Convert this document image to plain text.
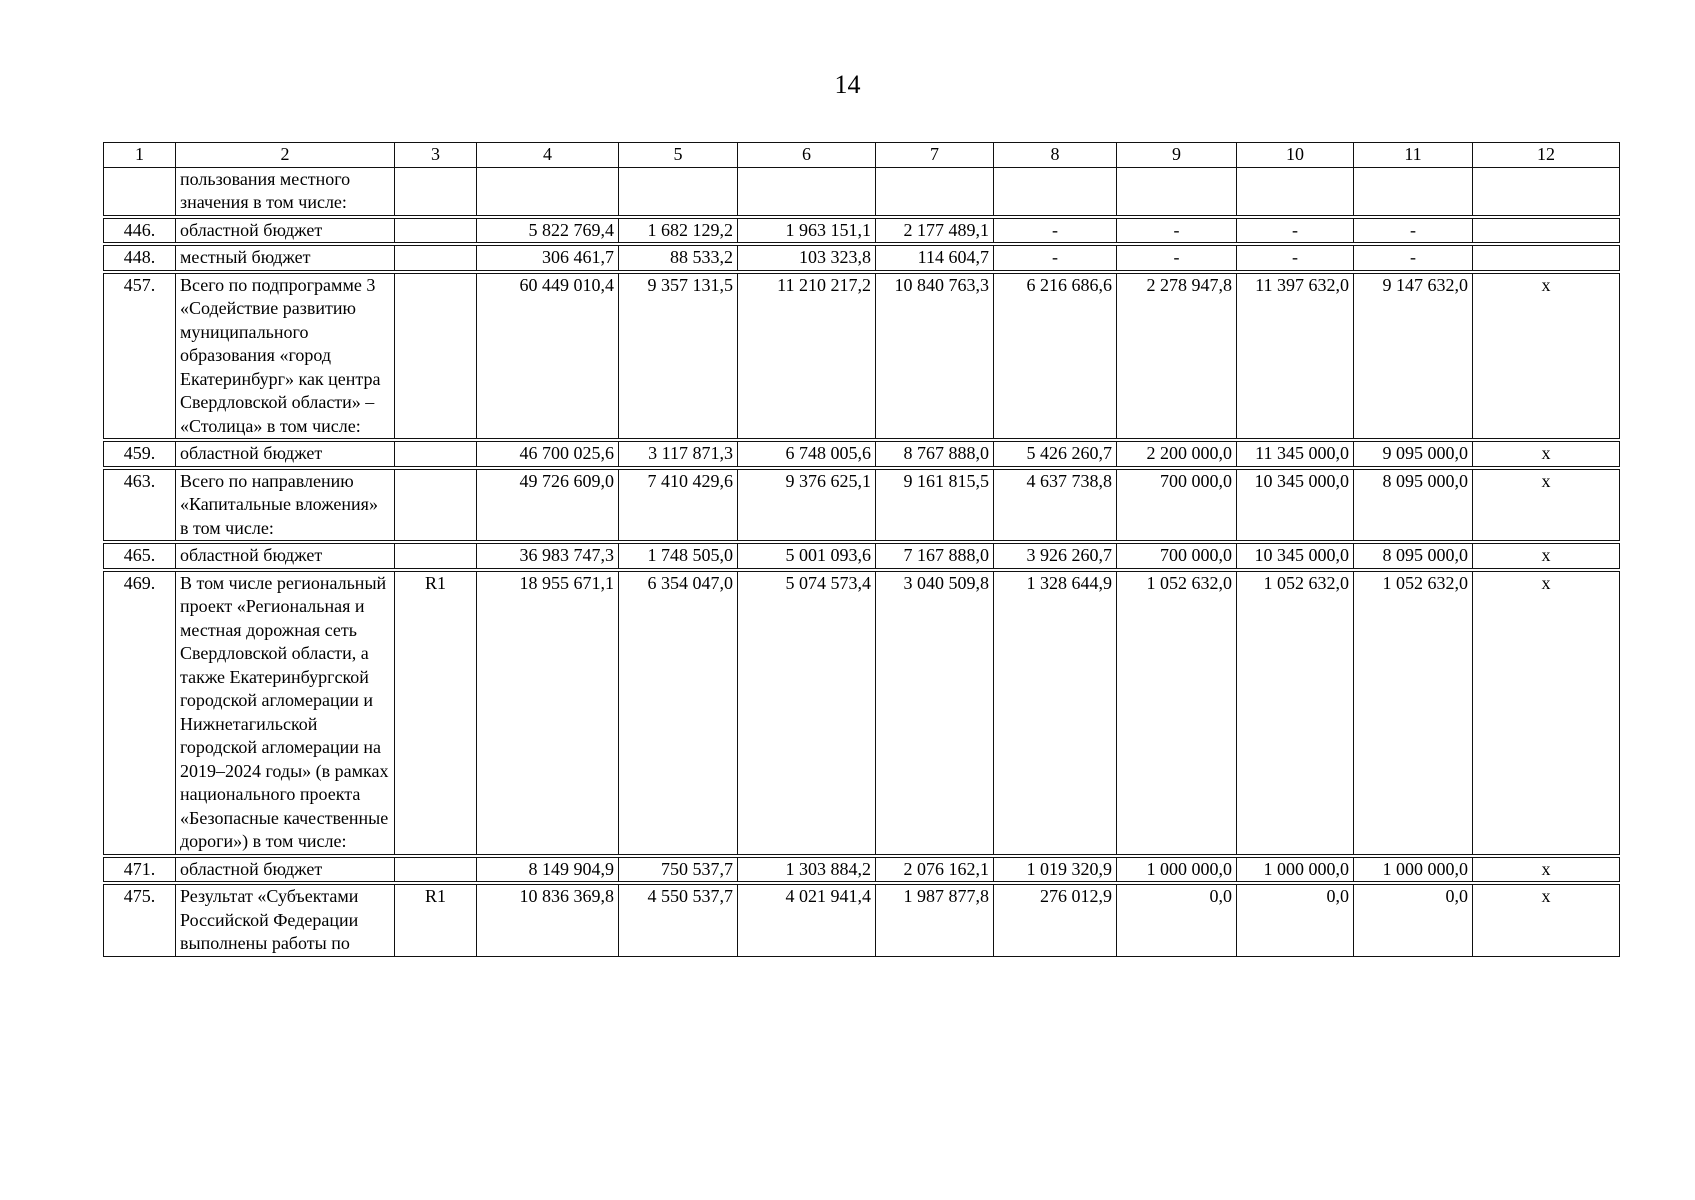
14
1	2	3	4	5	6	7	8	9	10	11	12
	пользования местного значения в том числе:										
446.	областной бюджет		5 822 769,4	1 682 129,2	1 963 151,1	2 177 489,1	-	-	-	-	
448.	местный бюджет		306 461,7	88 533,2	103 323,8	114 604,7	-	-	-	-	
457.	Всего по подпрограмме 3 «Содействие развитию муниципального образования «город Екатеринбург» как центра Свердловской области» – «Столица» в том числе:		60 449 010,4	9 357 131,5	11 210 217,2	10 840 763,3	6 216 686,6	2 278 947,8	11 397 632,0	9 147 632,0	x
459.	областной бюджет		46 700 025,6	3 117 871,3	6 748 005,6	8 767 888,0	5 426 260,7	2 200 000,0	11 345 000,0	9 095 000,0	x
463.	Всего по направлению «Капитальные вложения» в том числе:		49 726 609,0	7 410 429,6	9 376 625,1	9 161 815,5	4 637 738,8	700 000,0	10 345 000,0	8 095 000,0	x
465.	областной бюджет		36 983 747,3	1 748 505,0	5 001 093,6	7 167 888,0	3 926 260,7	700 000,0	10 345 000,0	8 095 000,0	x
469.	В том числе региональный проект «Региональная и местная дорожная сеть Свердловской области, а также Екатеринбургской городской агломерации и Нижнетагильской городской агломерации на 2019–2024 годы» (в рамках национального проекта «Безопасные качественные дороги») в том числе:	R1	18 955 671,1	6 354 047,0	5 074 573,4	3 040 509,8	1 328 644,9	1 052 632,0	1 052 632,0	1 052 632,0	x
471.	областной бюджет		8 149 904,9	750 537,7	1 303 884,2	2 076 162,1	1 019 320,9	1 000 000,0	1 000 000,0	1 000 000,0	x
475.	Результат «Субъектами Российской Федерации выполнены работы по	R1	10 836 369,8	4 550 537,7	4 021 941,4	1 987 877,8	276 012,9	0,0	0,0	0,0	x
